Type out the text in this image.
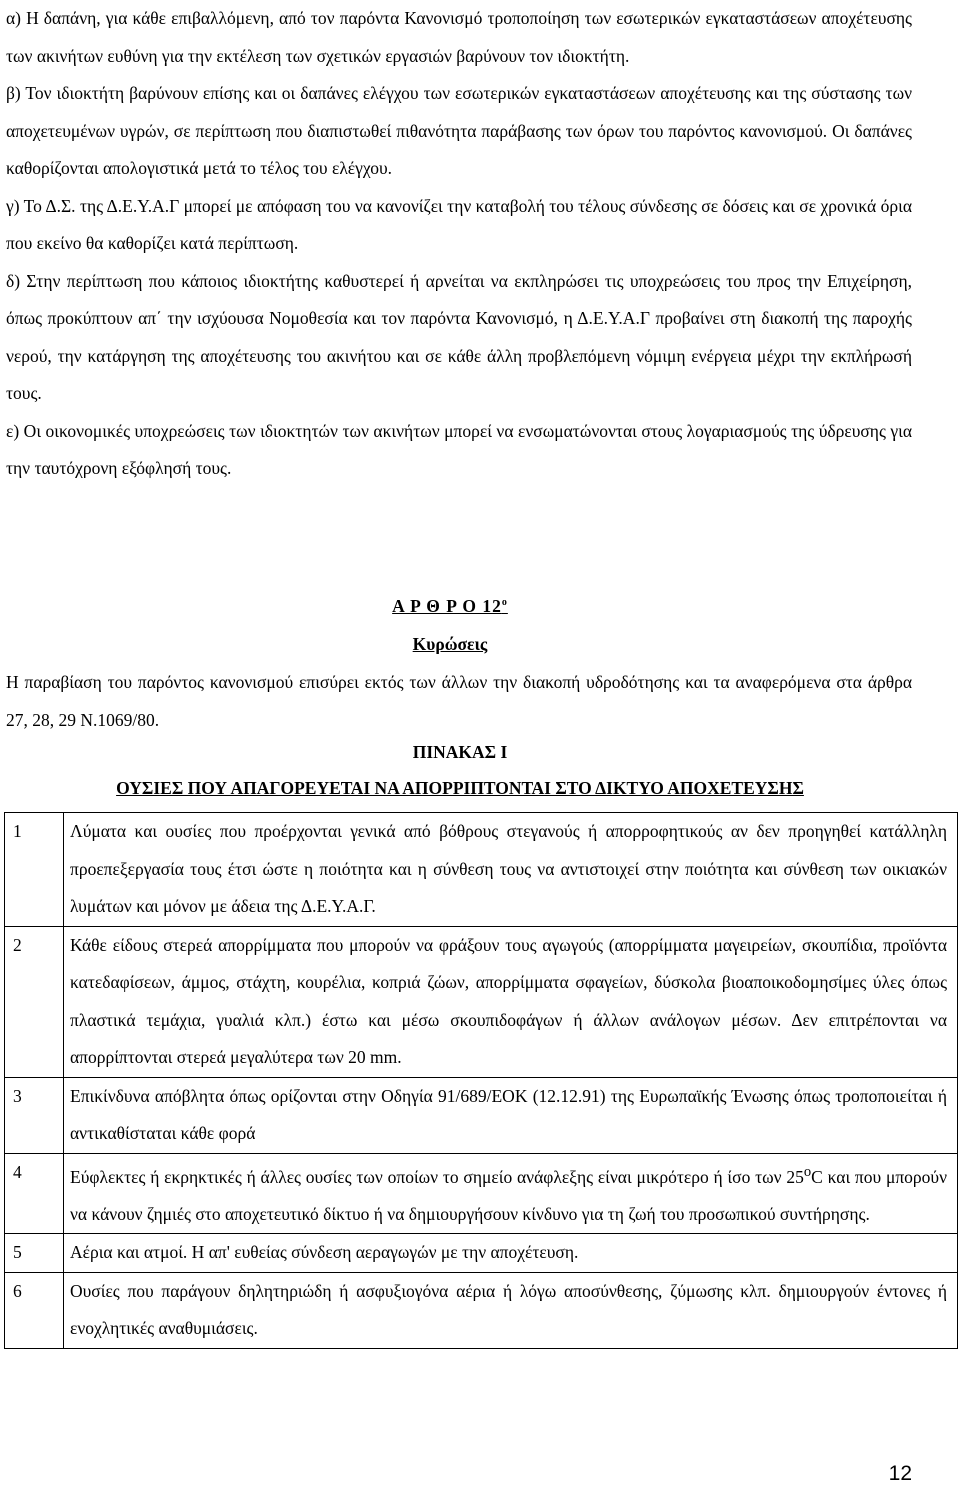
α) Η δαπάνη, για κάθε επιβαλλόμενη, από τον παρόντα Κανονισμό τροποποίηση των εσωτερικών εγκαταστάσεων αποχέτευσης των ακινήτων ευθύνη για την εκτέλεση των σχετικών εργασιών βαρύνουν τον ιδιοκτήτη.

β) Τον ιδιοκτήτη βαρύνουν επίσης και οι δαπάνες ελέγχου των εσωτερικών εγκαταστάσεων αποχέτευσης και της σύστασης των αποχετευμένων υγρών, σε περίπτωση που διαπιστωθεί πιθανότητα παράβασης των όρων του παρόντος κανονισμού. Οι δαπάνες καθορίζονται απολογιστικά μετά το τέλος του ελέγχου.

γ) Το Δ.Σ. της Δ.Ε.Υ.Α.Γ μπορεί με απόφαση του να κανονίζει την καταβολή του τέλους σύνδεσης σε δόσεις και σε χρονικά όρια που εκείνο θα καθορίζει κατά περίπτωση.

δ) Στην περίπτωση που κάποιος ιδιοκτήτης καθυστερεί ή αρνείται να εκπληρώσει τις υποχρεώσεις του προς την Επιχείρηση, όπως προκύπτουν απ΄ την ισχύουσα Νομοθεσία και τον παρόντα Κανονισμό, η Δ.Ε.Υ.Α.Γ προβαίνει στη διακοπή της παροχής νερού, την κατάργηση της αποχέτευσης του ακινήτου και σε κάθε άλλη προβλεπόμενη νόμιμη ενέργεια μέχρι την εκπλήρωσή τους.

ε) Οι οικονομικές υποχρεώσεις των ιδιοκτητών των ακινήτων μπορεί να ενσωματώνονται στους λογαριασμούς της ύδρευσης για την ταυτόχρονη εξόφλησή τους.

Α Ρ Θ Ρ Ο $12^o$
Κυρώσεις

Η παραβίαση του παρόντος κανονισμού επισύρει εκτός των άλλων την διακοπή υδροδότησης και τα αναφερόμενα στα άρθρα 27, 28, 29 Ν.1069/80.

ΠΙΝΑΚΑΣ Ι
ΟΥΣΙΕΣ ΠΟΥ ΑΠΑΓΟΡΕΥΕΤΑΙ ΝΑ ΑΠΟΡΡΙΠΤΟΝΤΑΙ ΣΤΟ ΔΙΚΤΥΟ ΑΠΟΧΕΤΕΥΣΗΣ
1	Λύματα και ουσίες που προέρχονται γενικά από βόθρους στεγανούς ή απορροφητικούς αν δεν προηγηθεί κατάλληλη προεπεξεργασία τους έτσι ώστε η ποιότητα και η σύνθεση τους να αντιστοιχεί στην ποιότητα και σύνθεση των οικιακών λυμάτων και μόνον με άδεια της Δ.Ε.Υ.Α.Γ.
2	Κάθε είδους στερεά απορρίμματα που μπορούν να φράξουν τους αγωγούς (απορρίμματα μαγειρείων, σκουπίδια, προϊόντα κατεδαφίσεων, άμμος, στάχτη, κουρέλια, κοπριά ζώων, απορρίμματα σφαγείων, δύσκολα βιοαποικοδομησίμες ύλες όπως πλαστικά τεμάχια, γυαλιά κλπ.) έστω και μέσω σκουπιδοφάγων ή άλλων ανάλογων μέσων. Δεν επιτρέπονται να απορρίπτονται στερεά μεγαλύτερα των 20 mm.
3	Επικίνδυνα απόβλητα όπως ορίζονται στην Οδηγία 91/689/ΕΟΚ (12.12.91) της Ευρωπαϊκής Ένωσης όπως τροποποιείται ή αντικαθίσταται κάθε φορά
4	Εύφλεκτες ή εκρηκτικές ή άλλες ουσίες των οποίων το σημείο ανάφλεξης είναι μικρότερο ή ίσο των $25^oC$ και που μπορούν να κάνουν ζημιές στο αποχετευτικό δίκτυο ή να δημιουργήσουν κίνδυνο για τη ζωή του προσωπικού συντήρησης.
5	Αέρια και ατμοί. Η απ' ευθείας σύνδεση αεραγωγών με την αποχέτευση.
6	Ουσίες που παράγουν δηλητηριώδη ή ασφυξιογόνα αέρια ή λόγω αποσύνθεσης, ζύμωσης κλπ. δημιουργούν έντονες ή ενοχλητικές αναθυμιάσεις.
12
